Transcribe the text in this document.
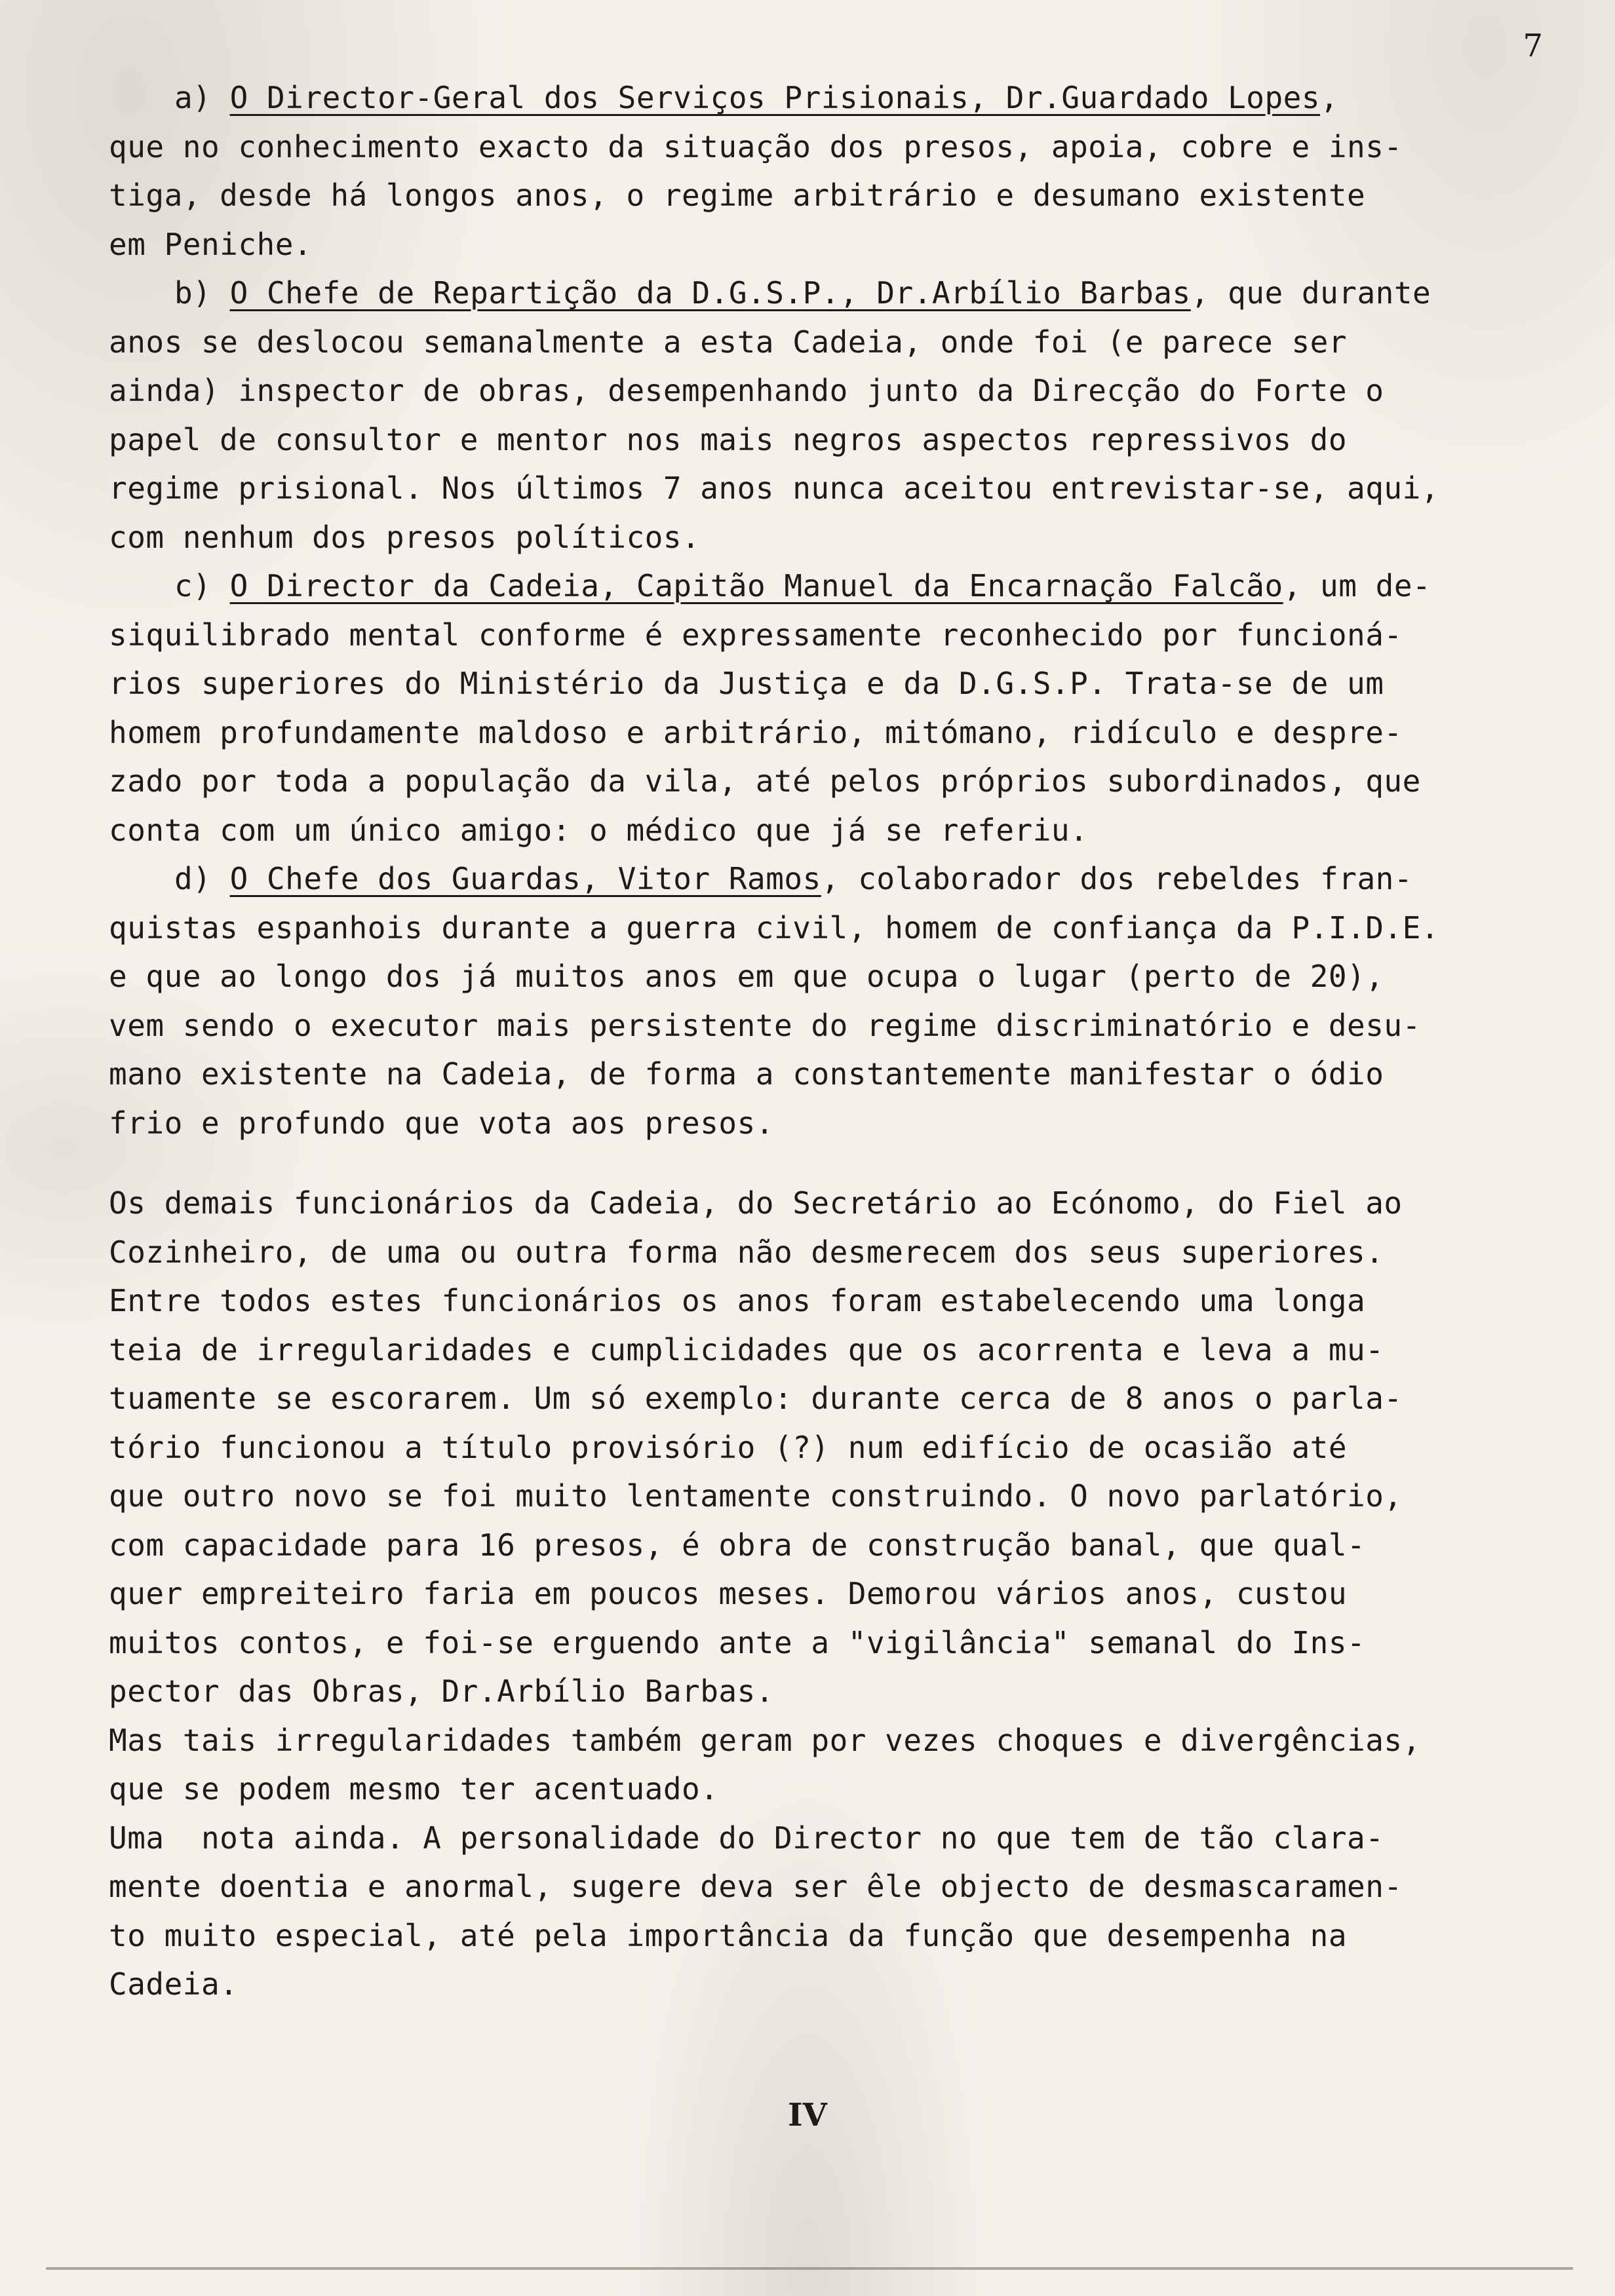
7
a) O Director-Geral dos Serviços Prisionais, Dr.Guardado Lopes,
que no conhecimento exacto da situação dos presos, apoia, cobre e ins-
tiga, desde há longos anos, o regime arbitrário e desumano existente
em Peniche.
b) O Chefe de Repartição da D.G.S.P., Dr.Arbílio Barbas, que durante
anos se deslocou semanalmente a esta Cadeia, onde foi (e parece ser
ainda) inspector de obras, desempenhando junto da Direcção do Forte o
papel de consultor e mentor nos mais negros aspectos repressivos do
regime prisional. Nos últimos 7 anos nunca aceitou entrevistar-se, aqui,
com nenhum dos presos políticos.
c) O Director da Cadeia, Capitão Manuel da Encarnação Falcão, um de-
siquilibrado mental conforme é expressamente reconhecido por funcioná-
rios superiores do Ministério da Justiça e da D.G.S.P. Trata-se de um
homem profundamente maldoso e arbitrário, mitómano, ridículo e despre-
zado por toda a população da vila, até pelos próprios subordinados, que
conta com um único amigo: o médico que já se referiu.
d) O Chefe dos Guardas, Vitor Ramos, colaborador dos rebeldes fran-
quistas espanhois durante a guerra civil, homem de confiança da P.I.D.E.
e que ao longo dos já muitos anos em que ocupa o lugar (perto de 20),
vem sendo o executor mais persistente do regime discriminatório e desu-
mano existente na Cadeia, de forma a constantemente manifestar o ódio
frio e profundo que vota aos presos.
Os demais funcionários da Cadeia, do Secretário ao Ecónomo, do Fiel ao
Cozinheiro, de uma ou outra forma não desmerecem dos seus superiores.
Entre todos estes funcionários os anos foram estabelecendo uma longa
teia de irregularidades e cumplicidades que os acorrenta e leva a mu-
tuamente se escorarem. Um só exemplo: durante cerca de 8 anos o parla-
tório funcionou a título provisório (?) num edifício de ocasião até
que outro novo se foi muito lentamente construindo. O novo parlatório,
com capacidade para 16 presos, é obra de construção banal, que qual-
quer empreiteiro faria em poucos meses. Demorou vários anos, custou
muitos contos, e foi-se erguendo ante a "vigilância" semanal do Ins-
pector das Obras, Dr.Arbílio Barbas.
Mas tais irregularidades também geram por vezes choques e divergências,
que se podem mesmo ter acentuado.
Uma  nota ainda. A personalidade do Director no que tem de tão clara-
mente doentia e anormal, sugere deva ser êle objecto de desmascaramen-
to muito especial, até pela importância da função que desempenha na
Cadeia.
IV
